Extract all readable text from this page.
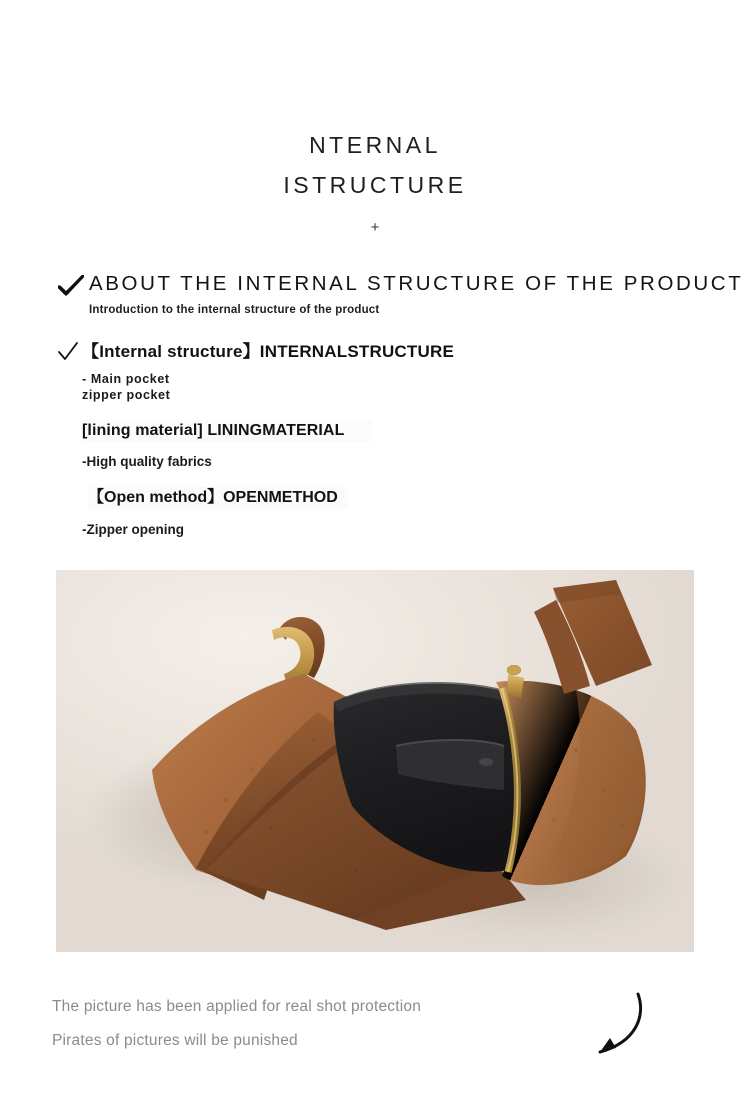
NTERNAL
ISTRUCTURE
+
ABOUT THE INTERNAL STRUCTURE OF THE PRODUCT
Introduction to the internal structure of the product
【Internal structure】INTERNALSTRUCTURE
- Main pocket zipper pocket
[lining material] LININGMATERIAL
-High quality fabrics
【Open method】OPENMETHOD
-Zipper opening
The picture has been applied for real shot protection
Pirates of pictures will be punished
